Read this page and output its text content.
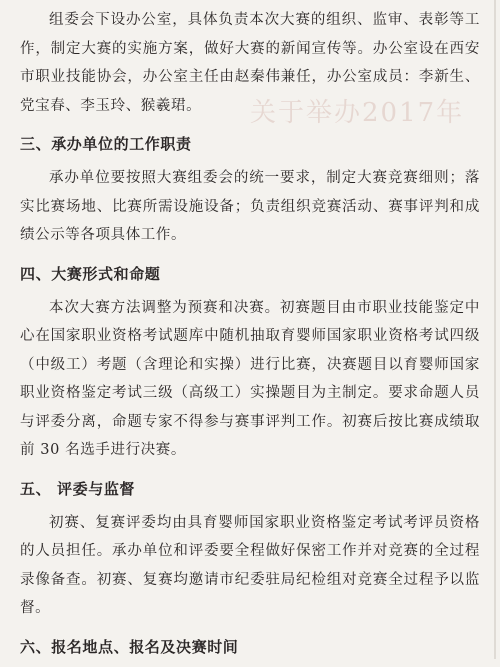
关于举办2017年

组委会下设办公室，具体负责本次大赛的组织、监审、表彰等工作，制定大赛的实施方案，做好大赛的新闻宣传等。办公室设在西安市职业技能协会，办公室主任由赵秦伟兼任，办公室成员：李新生、党宝春、李玉玲、猴羲珺。

三、承办单位的工作职责

承办单位要按照大赛组委会的统一要求，制定大赛竞赛细则；落实比赛场地、比赛所需设施设备；负责组织竞赛活动、赛事评判和成绩公示等各项具体工作。

四、大赛形式和命题

本次大赛方法调整为预赛和决赛。初赛题目由市职业技能鉴定中心在国家职业资格考试题库中随机抽取育婴师国家职业资格考试四级（中级工）考题（含理论和实操）进行比赛，决赛题目以育婴师国家职业资格鉴定考试三级（高级工）实操题目为主制定。要求命题人员与评委分离，命题专家不得参与赛事评判工作。初赛后按比赛成绩取前 30 名选手进行决赛。

五、 评委与监督

初赛、复赛评委均由具育婴师国家职业资格鉴定考试考评员资格的人员担任。承办单位和评委要全程做好保密工作并对竞赛的全过程录像备查。初赛、复赛均邀请市纪委驻局纪检组对竞赛全过程予以监督。

六、报名地点、报名及决赛时间
